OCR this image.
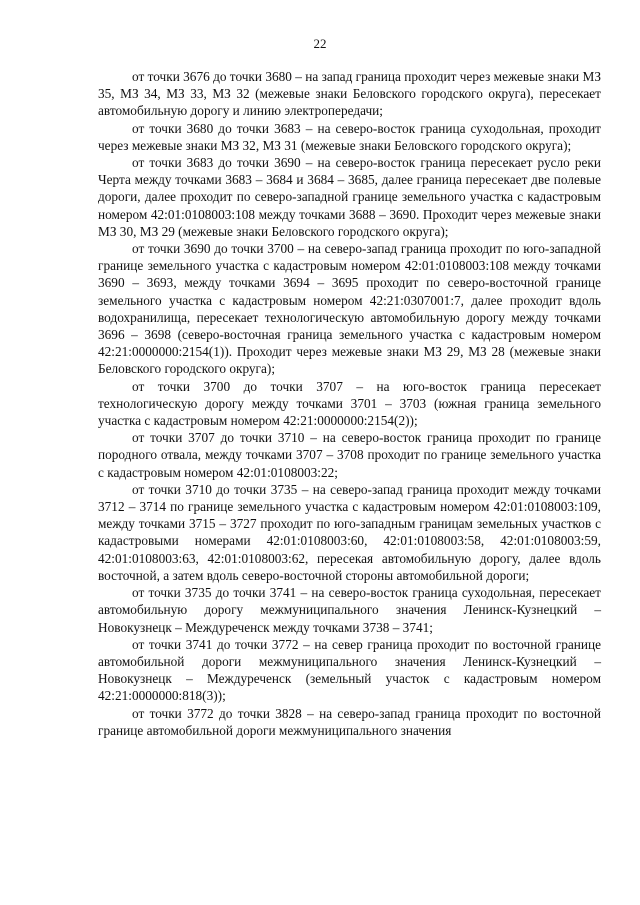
22

от точки 3676 до точки 3680 – на запад граница проходит через межевые знаки МЗ 35, МЗ 34, МЗ 33, МЗ 32 (межевые знаки Беловского городского округа), пересекает автомобильную дорогу и линию электропередачи;

от точки 3680 до точки 3683 – на северо-восток граница суходольная, проходит через межевые знаки МЗ 32, МЗ 31 (межевые знаки Беловского городского округа);

от точки 3683 до точки 3690 – на северо-восток граница пересекает русло реки Черта между точками 3683 – 3684 и 3684 – 3685, далее граница пересекает две полевые дороги, далее проходит по северо-западной границе земельного участка с кадастровым номером 42:01:0108003:108 между точками 3688 – 3690. Проходит через межевые знаки МЗ 30, МЗ 29 (межевые знаки Беловского городского округа);

от точки 3690 до точки 3700 – на северо-запад граница проходит по юго-западной границе земельного участка с кадастровым номером 42:01:0108003:108 между точками 3690 – 3693, между точками 3694 – 3695 проходит по северо-восточной границе земельного участка с кадастровым номером 42:21:0307001:7, далее проходит вдоль водохранилища, пересекает технологическую автомобильную дорогу между точками 3696 – 3698 (северо-восточная граница земельного участка с кадастровым номером 42:21:0000000:2154(1)). Проходит через межевые знаки МЗ 29, МЗ 28 (межевые знаки Беловского городского округа);

от точки 3700 до точки 3707 – на юго-восток граница пересекает технологическую дорогу между точками 3701 – 3703 (южная граница земельного участка с кадастровым номером 42:21:0000000:2154(2));

от точки 3707 до точки 3710 – на северо-восток граница проходит по границе породного отвала, между точками 3707 – 3708 проходит по границе земельного участка с кадастровым номером 42:01:0108003:22;

от точки 3710 до точки 3735 – на северо-запад граница проходит между точками 3712 – 3714 по границе земельного участка с кадастровым номером 42:01:0108003:109, между точками 3715 – 3727 проходит по юго-западным границам земельных участков с кадастровыми номерами 42:01:0108003:60, 42:01:0108003:58, 42:01:0108003:59, 42:01:0108003:63, 42:01:0108003:62, пересекая автомобильную дорогу, далее вдоль восточной, а затем вдоль северо-восточной стороны автомобильной дороги;

от точки 3735 до точки 3741 – на северо-восток граница суходольная, пересекает автомобильную дорогу межмуниципального значения Ленинск-Кузнецкий – Новокузнецк – Междуреченск между точками 3738 – 3741;

от точки 3741 до точки 3772 – на север граница проходит по восточной границе автомобильной дороги межмуниципального значения Ленинск-Кузнецкий – Новокузнецк – Междуреченск (земельный участок с кадастровым номером 42:21:0000000:818(3));

от точки 3772 до точки 3828 – на северо-запад граница проходит по восточной границе автомобильной дороги межмуниципального значения
